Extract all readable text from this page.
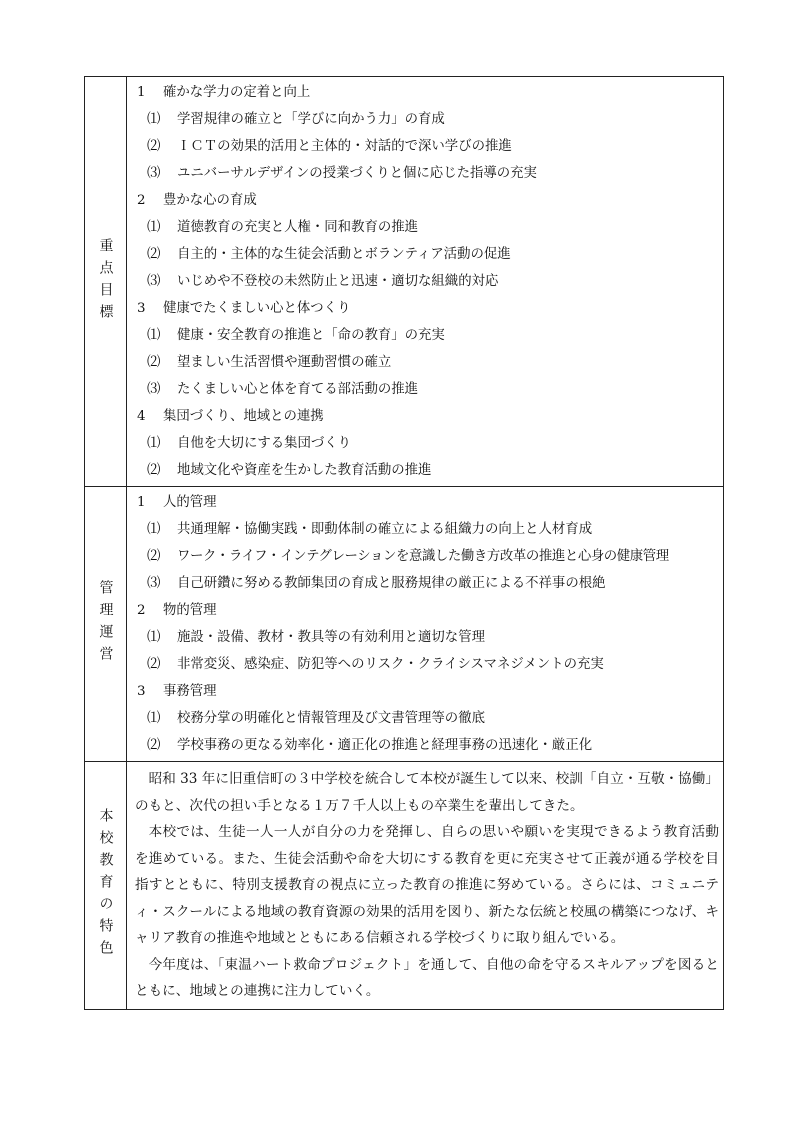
重点目標
1 確かな学力の定着と向上
⑴ 学習規律の確立と「学びに向かう力」の育成
⑵ ＩＣＴの効果的活用と主体的・対話的で深い学びの推進
⑶ ユニバーサルデザインの授業づくりと個に応じた指導の充実
2 豊かな心の育成
⑴ 道徳教育の充実と人権・同和教育の推進
⑵ 自主的・主体的な生徒会活動とボランティア活動の促進
⑶ いじめや不登校の未然防止と迅速・適切な組織的対応
3 健康でたくましい心と体つくり
⑴ 健康・安全教育の推進と「命の教育」の充実
⑵ 望ましい生活習慣や運動習慣の確立
⑶ たくましい心と体を育てる部活動の推進
4 集団づくり、地域との連携
⑴ 自他を大切にする集団づくり
⑵ 地域文化や資産を生かした教育活動の推進
管理運営
1 人的管理
⑴ 共通理解・協働実践・即動体制の確立による組織力の向上と人材育成
⑵ ワーク・ライフ・インテグレーションを意識した働き方改革の推進と心身の健康管理
⑶ 自己研鑽に努める教師集団の育成と服務規律の厳正による不祥事の根絶
2 物的管理
⑴ 施設・設備、教材・教具等の有効利用と適切な管理
⑵ 非常変災、感染症、防犯等へのリスク・クライシスマネジメントの充実
3 事務管理
⑴ 校務分掌の明確化と情報管理及び文書管理等の徹底
⑵ 学校事務の更なる効率化・適正化の推進と経理事務の迅速化・厳正化
本校教育の特色

昭和 33 年に旧重信町の３中学校を統合して本校が誕生して以来、校訓「自立・互敬・協働」のもと、次代の担い手となる１万７千人以上もの卒業生を輩出してきた。

本校では、生徒一人一人が自分の力を発揮し、自らの思いや願いを実現できるよう教育活動を進めている。また、生徒会活動や命を大切にする教育を更に充実させて正義が通る学校を目指すとともに、特別支援教育の視点に立った教育の推進に努めている。さらには、コミュニティ・スクールによる地域の教育資源の効果的活用を図り、新たな伝統と校風の構築につなげ、キャリア教育の推進や地域とともにある信頼される学校づくりに取り組んでいる。

今年度は、「東温ハート救命プロジェクト」を通して、自他の命を守るスキルアップを図るとともに、地域との連携に注力していく。
